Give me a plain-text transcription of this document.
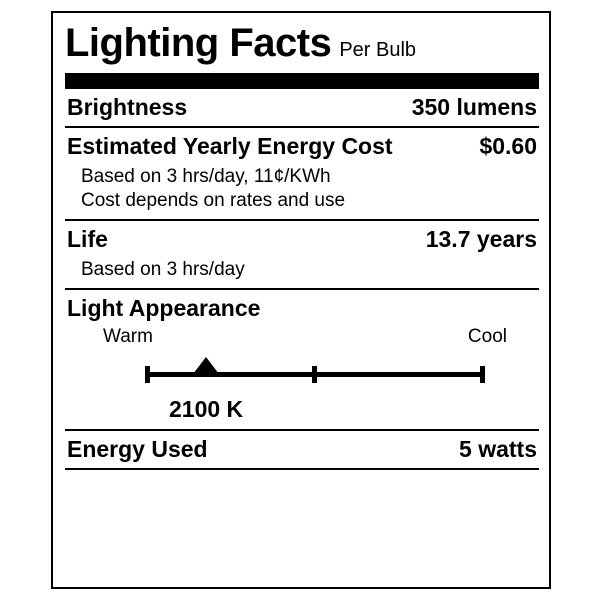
Lighting Facts Per Bulb
Brightness	350 lumens
Estimated Yearly Energy Cost	$0.60
Based on 3 hrs/day, 11¢/KWh
Cost depends on rates and use
Life	13.7 years
Based on 3 hrs/day
Light Appearance
Warm	Cool
2100 K
Energy Used	5 watts
